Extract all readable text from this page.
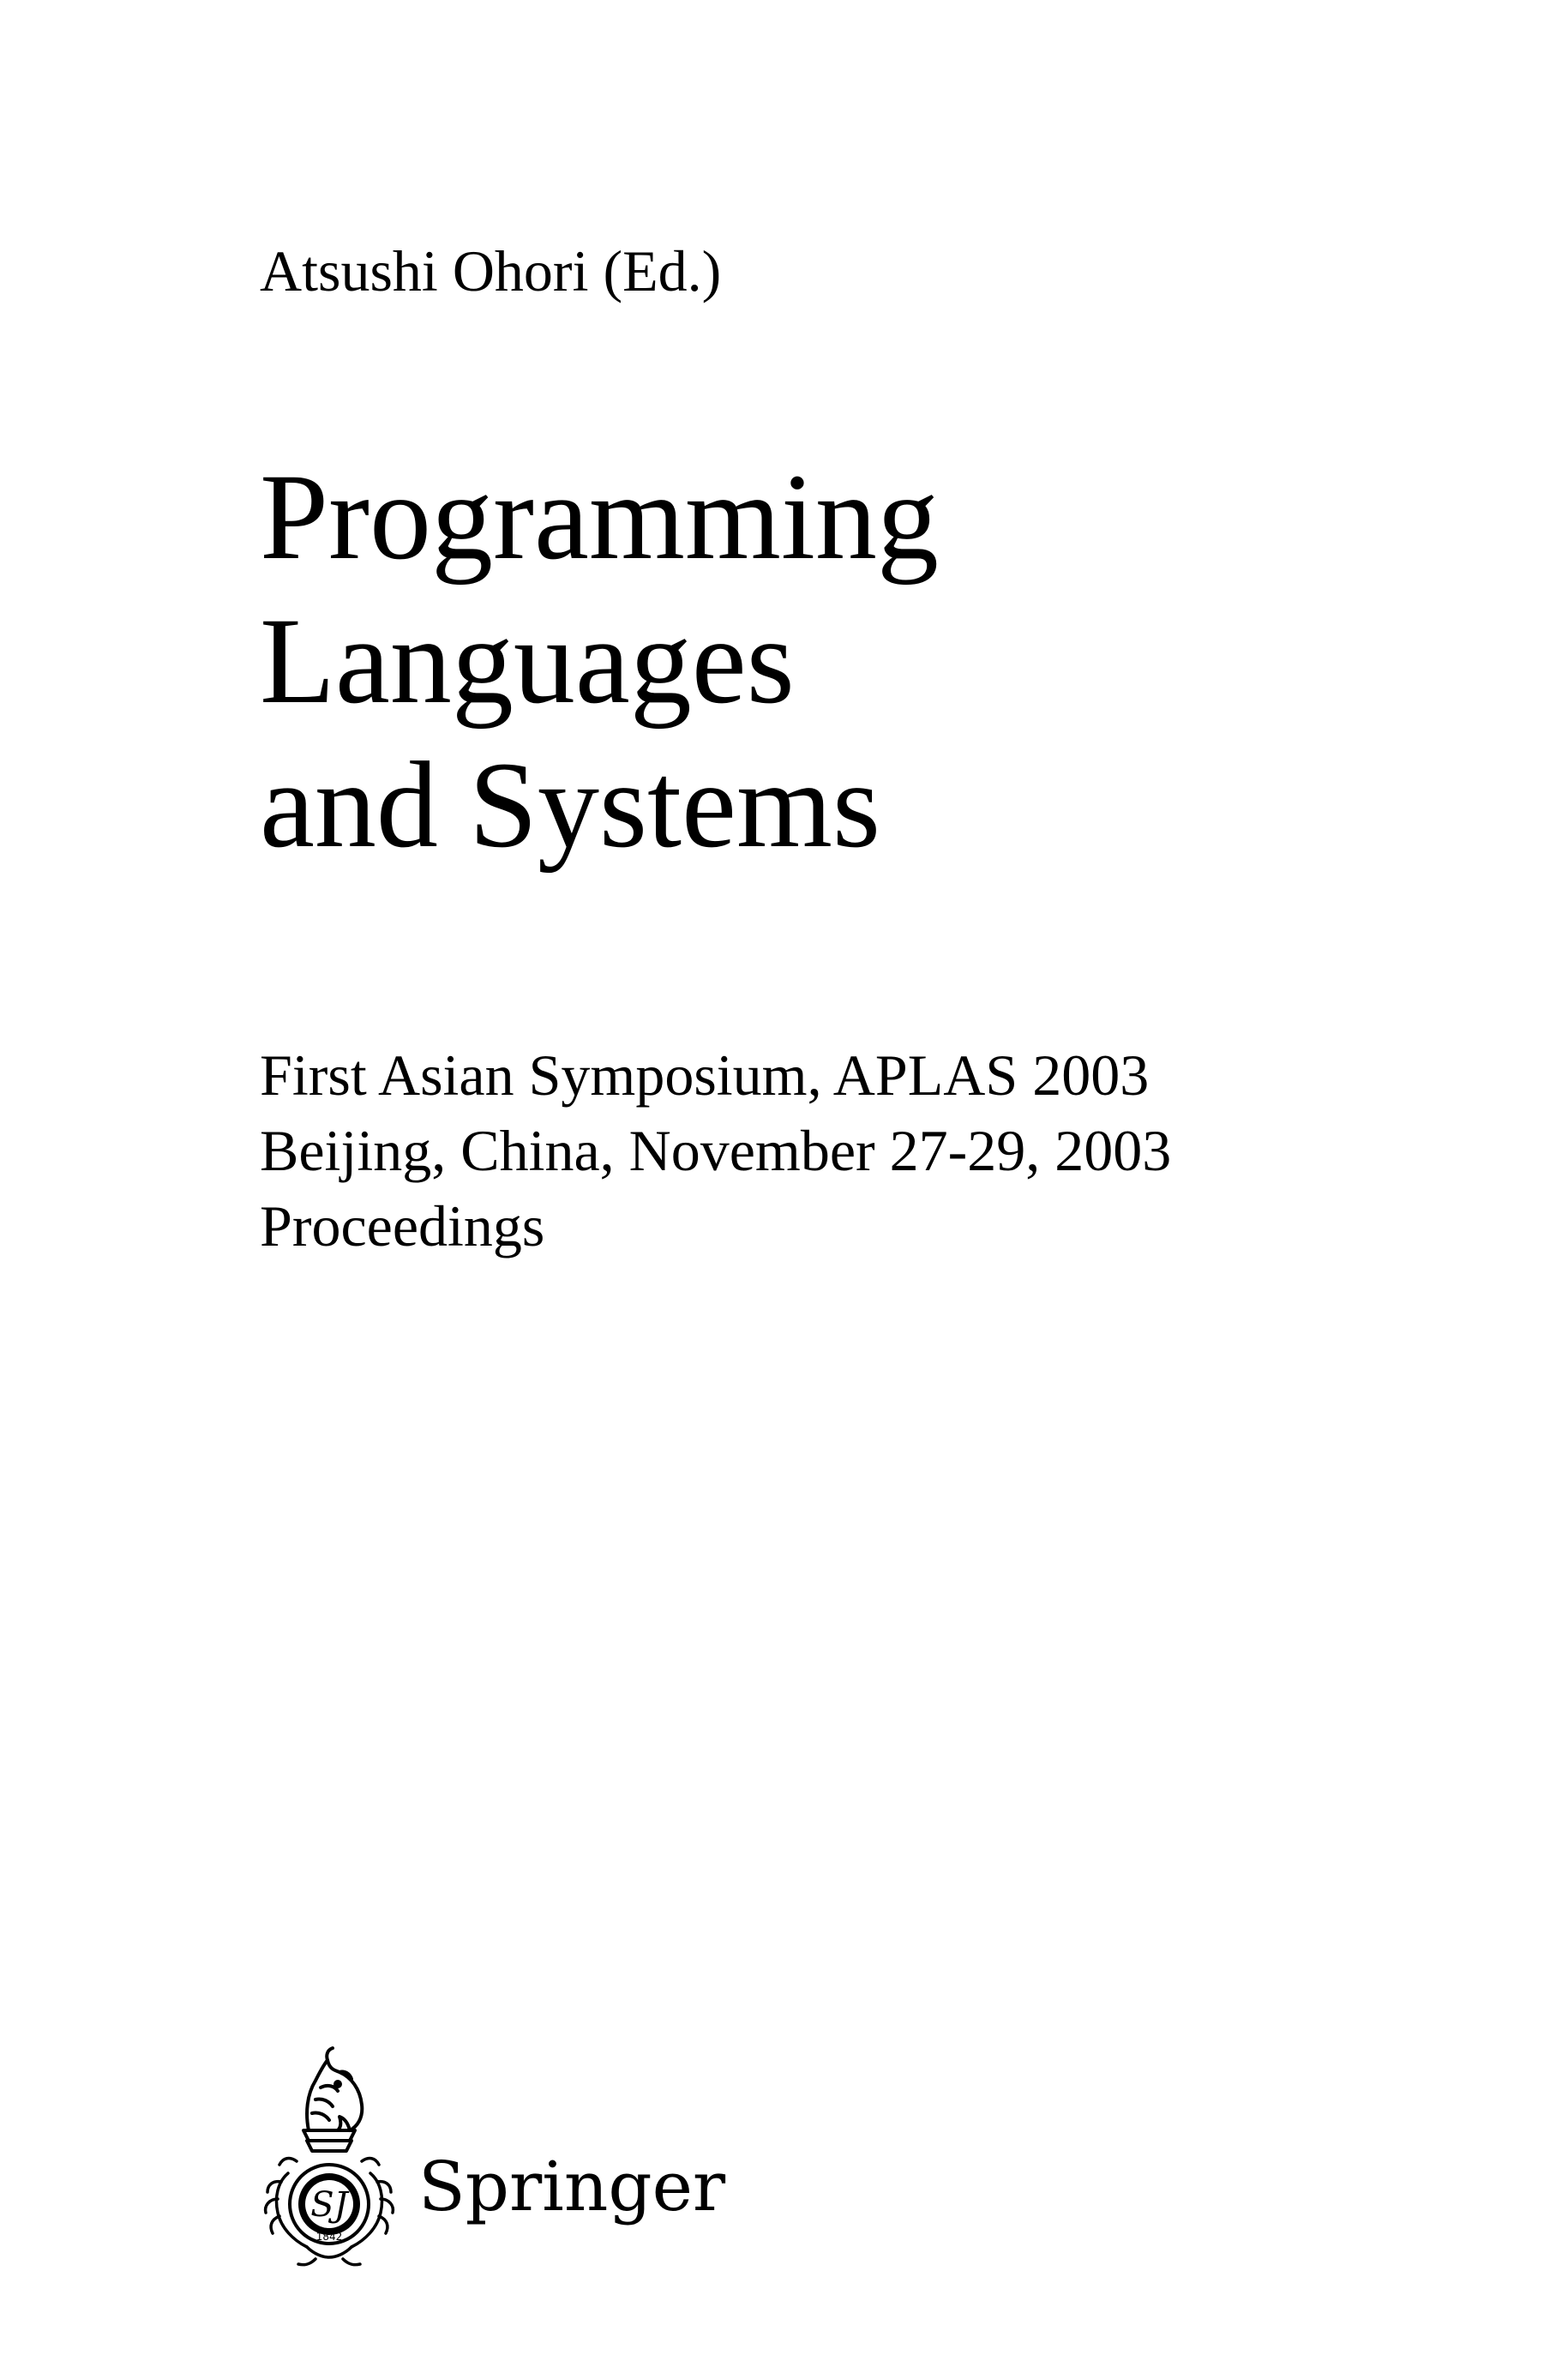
Atsushi Ohori (Ed.)
Programming
Languages
and Systems
First Asian Symposium, APLAS 2003
Beijing, China, November 27-29, 2003
Proceedings
SJ
1842
Springer
